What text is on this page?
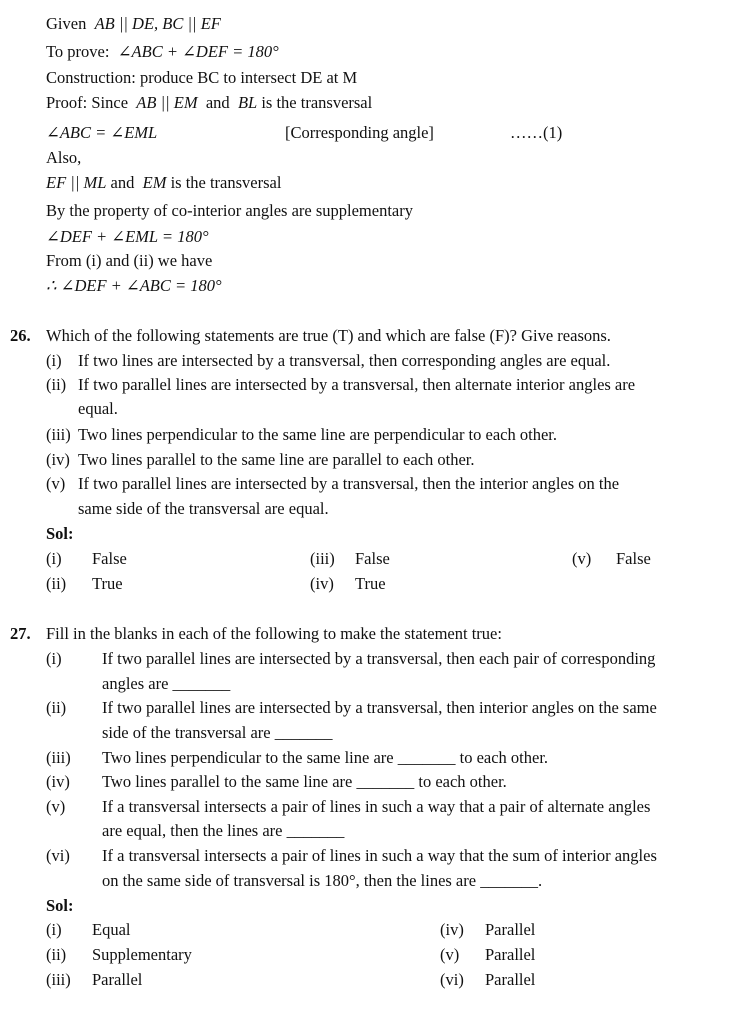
Given AB || DE, BC || EF
To prove: ∠ABC + ∠DEF = 180°
Construction: produce BC to intersect DE at M
Proof: Since AB || EM and BL is the transversal
∠ABC = ∠EML	[Corresponding angle]	……(1)
Also,
EF || ML and EM is the transversal
By the property of co-interior angles are supplementary
∠DEF + ∠EML = 180°
From (i) and (ii) we have
∴ ∠DEF + ∠ABC = 180°
26. Which of the following statements are true (T) and which are false (F)? Give reasons.
(i) If two lines are intersected by a transversal, then corresponding angles are equal.
(ii) If two parallel lines are intersected by a transversal, then alternate interior angles are
equal.
(iii) Two lines perpendicular to the same line are perpendicular to each other.
(iv) Two lines parallel to the same line are parallel to each other.
(v) If two parallel lines are intersected by a transversal, then the interior angles on the
same side of the transversal are equal.
Sol:
(i) False
(ii) True
(iii) False
(iv) True
(v) False
27. Fill in the blanks in each of the following to make the statement true:
(i) If two parallel lines are intersected by a transversal, then each pair of corresponding
angles are _______
(ii) If two parallel lines are intersected by a transversal, then interior angles on the same
side of the transversal are _______
(iii) Two lines perpendicular to the same line are _______ to each other.
(iv) Two lines parallel to the same line are _______ to each other.
(v) If a transversal intersects a pair of lines in such a way that a pair of alternate angles
are equal, then the lines are _______
(vi) If a transversal intersects a pair of lines in such a way that the sum of interior angles
on the same side of transversal is 180°, then the lines are _______.
Sol:
(i) Equal
(ii) Supplementary
(iii) Parallel
(iv) Parallel
(v) Parallel
(vi) Parallel
